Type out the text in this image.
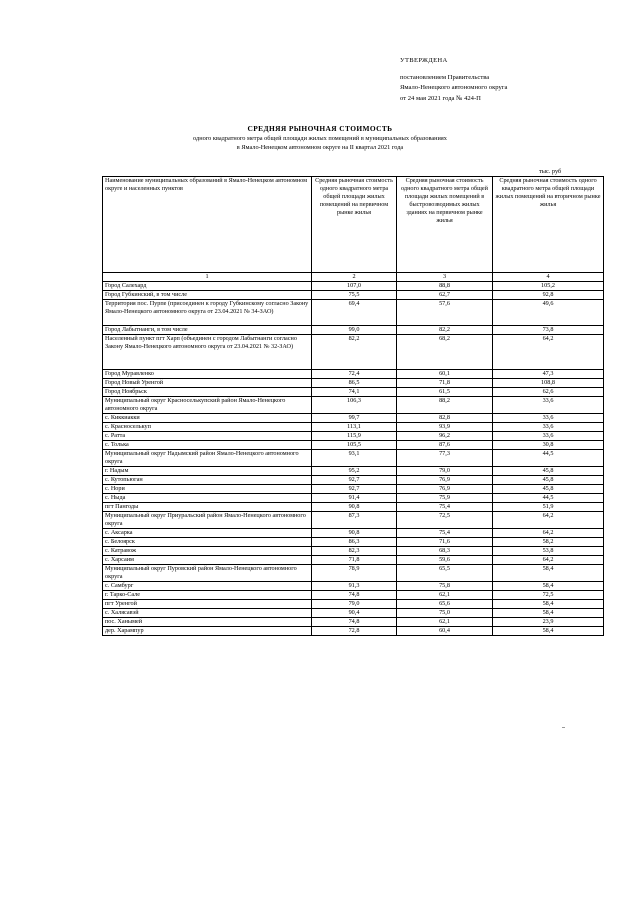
УТВЕРЖДЕНА
постановлением Правительства
Ямало-Ненецкого автономного округа
от 24 мая 2021 года № 424-П
СРЕДНЯЯ РЫНОЧНАЯ СТОИМОСТЬ
одного квадратного метра общей площади жилых помещений в муниципальных образованиях
в Ямало-Ненецком автономном округе на II квартал 2021 года
тыс. руб
Наименование муниципальных образований в Ямало-Ненецком автономном округе и населенных пунктов	Средняя рыночная стоимость одного квадратного метра общей площади жилых помещений на первичном рынке жилья	Средняя рыночная стоимость одного квадратного метра общей площади жилых помещений в быстровозводимых жилых зданиях на первичном рынке жилья	Средняя рыночная стоимость одного квадратного метра общей площади жилых помещений на вторичном рынке жилья
1	2	3	4
Город Салехард	107,0	88,8	105,2
Город Губкинский, в том числе	75,5	62,7	92,8
Территория пос. Пурпе (присоединен к городу Губкинскому согласно Закону Ямало-Ненецкого автономного округа от 23.04.2021 № 34-ЗАО)	69,4	57,6	49,6
Город Лабытнанги, в том числе	99,0	82,2	73,8
Населенный пункт пгт Харп (объединен с городом Лабытнанги согласно Закону Ямало-Ненецкого автономного округа от 23.04.2021 № 32-ЗАО)	82,2	68,2	64,2
Город Муравленко	72,4	60,1	47,3
Город Новый Уренгой	86,5	71,8	108,8
Город Ноябрьск	74,1	61,5	62,6
Муниципальный округ Красноселькупский район Ямало-Ненецкого автономного округа	106,3	88,2	33,6
с. Киккиакки	99,7	82,8	33,6
с. Красноселькуп	113,1	93,9	33,6
с. Ратта	115,9	96,2	33,6
с. Толька	105,5	87,6	30,8
Муниципальный округ Надымский район Ямало-Ненецкого автономного округа	93,1	77,3	44,5
г. Надым	95,2	79,0	45,8
с. Кутопьюган	92,7	76,9	45,8
с. Нори	92,7	76,9	45,8
с. Ныда	91,4	75,9	44,5
пгт Пангоды	90,8	75,4	51,9
Муниципальный округ Приуральский район Ямало-Ненецкого автономного округа	87,3	72,5	64,2
с. Аксарка	90,8	75,4	64,2
с. Белоярск	86,3	71,6	58,2
с. Катравож	82,3	68,3	53,8
с. Харсаим	71,8	59,6	64,2
Муниципальный округ Пуровский район Ямало-Ненецкого автономного округа	78,9	65,5	58,4
с. Самбург	91,3	75,8	58,4
г. Тарко-Сале	74,8	62,1	72,5
пгт Уренгой	79,0	65,6	58,4
с. Халясавэй	90,4	75,0	58,4
пос. Ханымей	74,8	62,1	23,9
дер. Харампур	72,8	60,4	58,4
